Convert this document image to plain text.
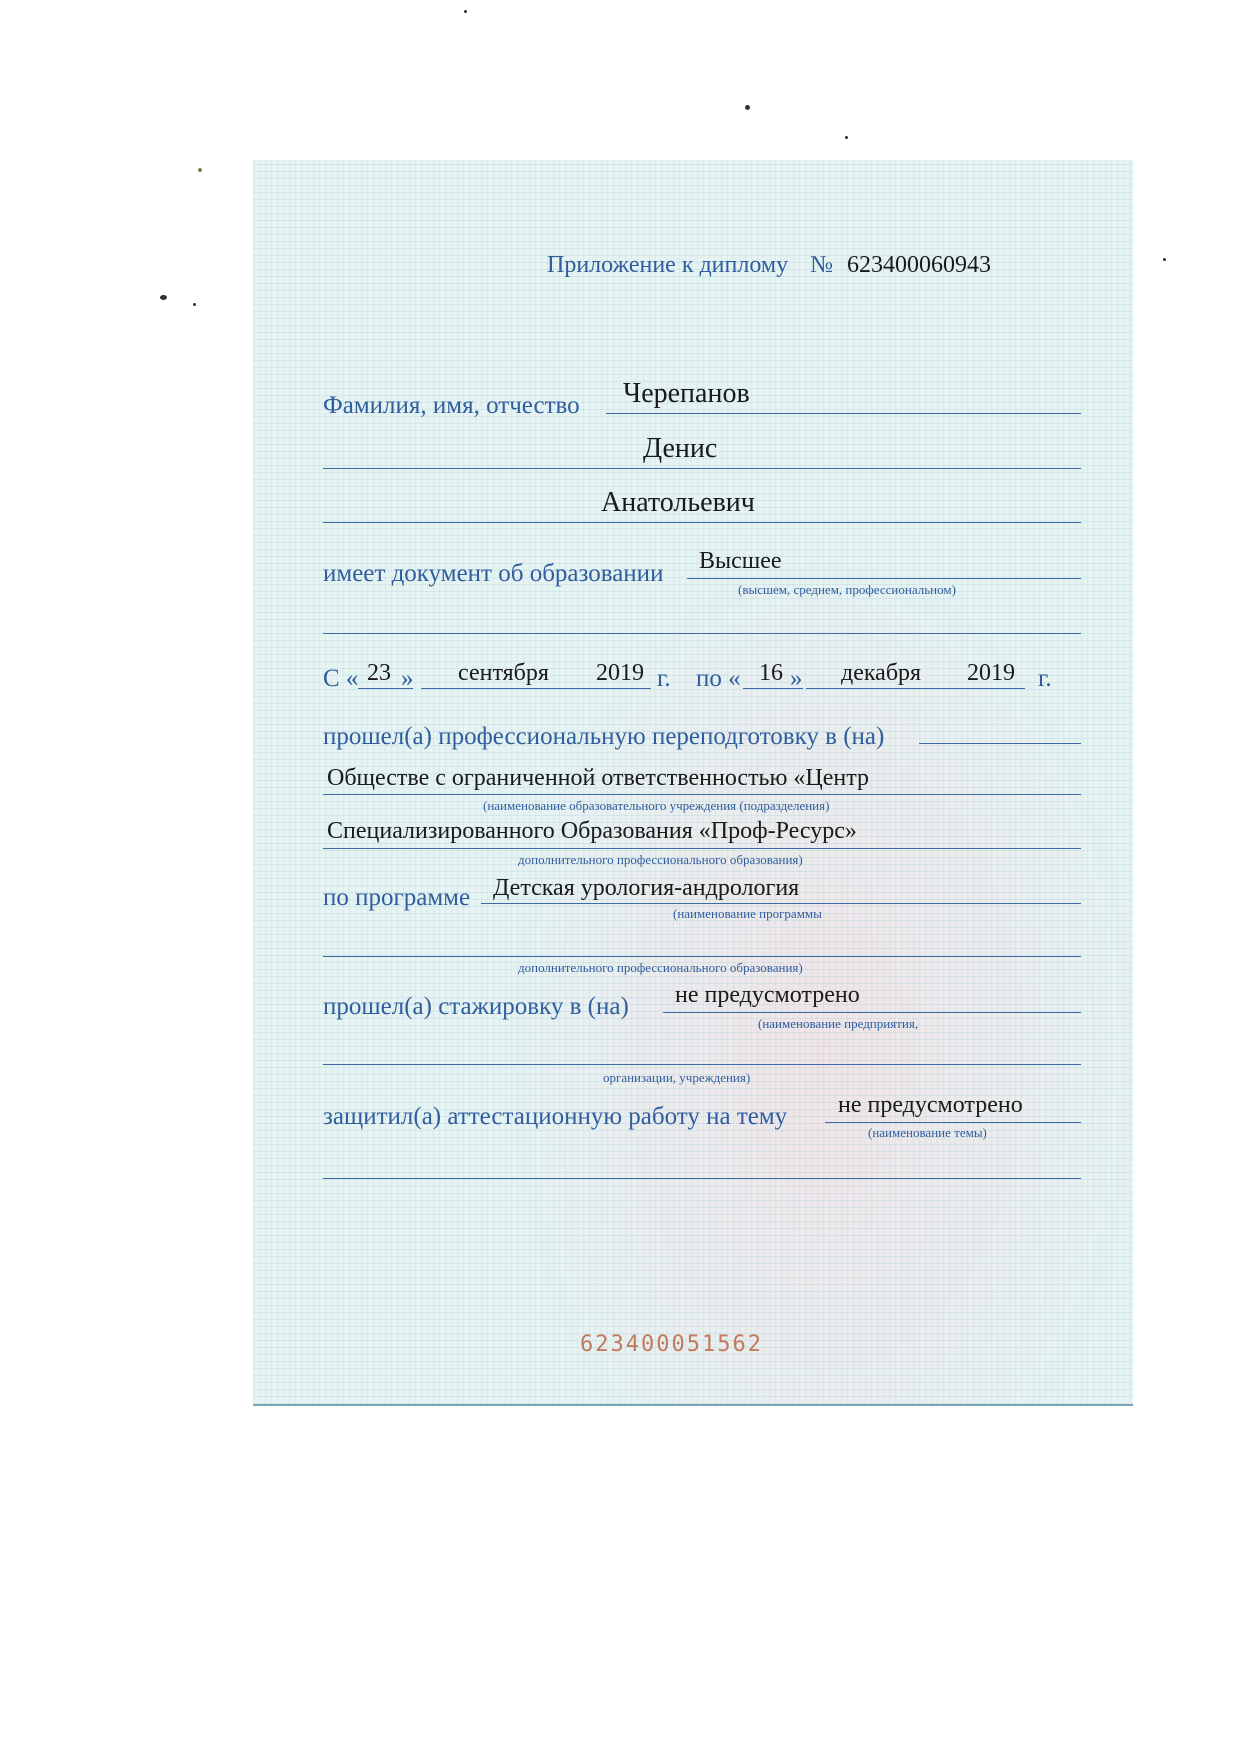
Приложение к диплому № 623400060943
Фамилия, имя, отчество Черепанов
Денис
Анатольевич
имеет документ об образовании Высшее
(высшем, среднем, профессиональном)
С « 23 » сентября 2019 г. по « 16 » декабря 2019 г.
прошел(а) профессиональную переподготовку в (на)
Обществе с ограниченной ответственностью «Центр
(наименование образовательного учреждения (подразделения)
Специализированного Образования «Проф-Ресурс»
дополнительного профессионального образования)
по программе Детская урология-андрология
(наименование программы
дополнительного профессионального образования)
прошел(а) стажировку в (на) не предусмотрено
(наименование предприятия,
организации, учреждения)
защитил(а) аттестационную работу на тему не предусмотрено
(наименование темы)
623400051562
